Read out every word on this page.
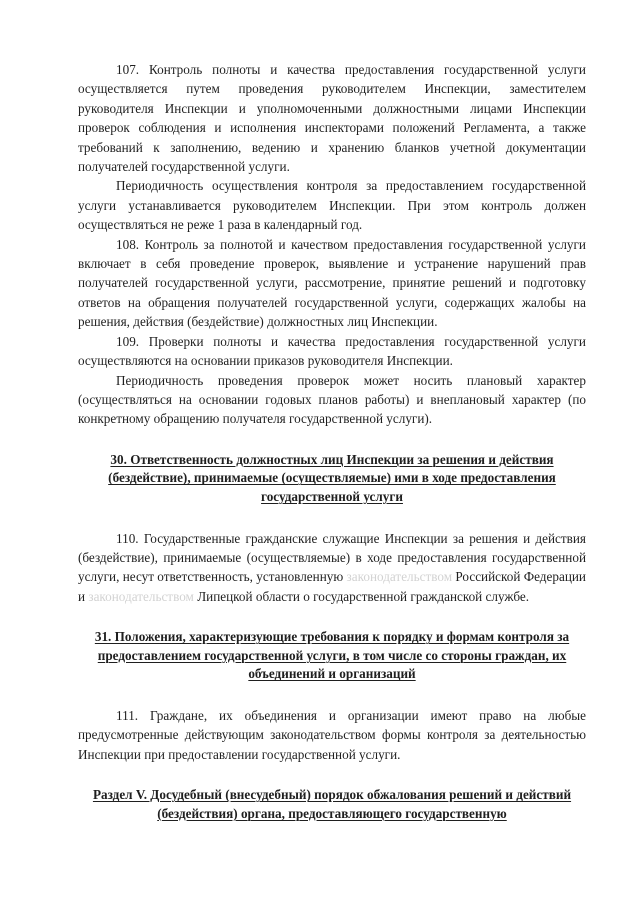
107. Контроль полноты и качества предоставления государственной услуги осуществляется путем проведения руководителем Инспекции, заместителем руководителя Инспекции и уполномоченными должностными лицами Инспекции проверок соблюдения и исполнения инспекторами положений Регламента, а также требований к заполнению, ведению и хранению бланков учетной документации получателей государственной услуги.

Периодичность осуществления контроля за предоставлением государственной услуги устанавливается руководителем Инспекции. При этом контроль должен осуществляться не реже 1 раза в календарный год.

108. Контроль за полнотой и качеством предоставления государственной услуги включает в себя проведение проверок, выявление и устранение нарушений прав получателей государственной услуги, рассмотрение, принятие решений и подготовку ответов на обращения получателей государственной услуги, содержащих жалобы на решения, действия (бездействие) должностных лиц Инспекции.

109. Проверки полноты и качества предоставления государственной услуги осуществляются на основании приказов руководителя Инспекции.

Периодичность проведения проверок может носить плановый характер (осуществляться на основании годовых планов работы) и внеплановый характер (по конкретному обращению получателя государственной услуги).

30. Ответственность должностных лиц Инспекции за решения и действия (бездействие), принимаемые (осуществляемые) ими в ходе предоставления государственной услуги

110. Государственные гражданские служащие Инспекции за решения и действия (бездействие), принимаемые (осуществляемые) в ходе предоставления государственной услуги, несут ответственность, установленную законодательством Российской Федерации и законодательством Липецкой области о государственной гражданской службе.

31. Положения, характеризующие требования к порядку и формам контроля за предоставлением государственной услуги, в том числе со стороны граждан, их объединений и организаций

111. Граждане, их объединения и организации имеют право на любые предусмотренные действующим законодательством формы контроля за деятельностью Инспекции при предоставлении государственной услуги.

Раздел V. Досудебный (внесудебный) порядок обжалования решений и действий (бездействия) органа, предоставляющего государственную
